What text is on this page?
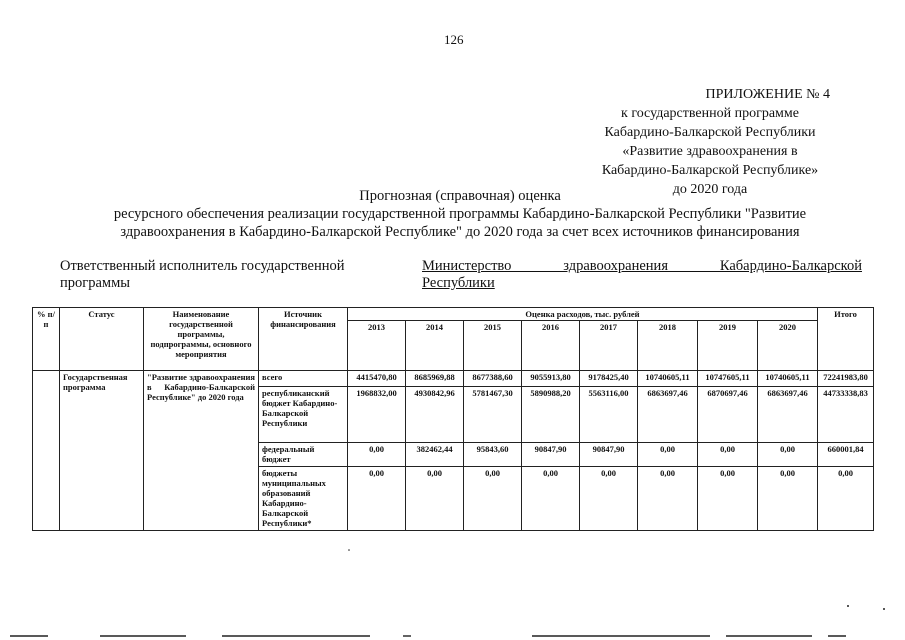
126
ПРИЛОЖЕНИЕ № 4
к государственной программе
Кабардино-Балкарской Республики
«Развитие здравоохранения в
Кабардино-Балкарской Республике»
до 2020 года
Прогнозная (справочная) оценка
ресурсного обеспечения реализации государственной программы Кабардино-Балкарской Республики "Развитие
здравоохранения в Кабардино-Балкарской Республике" до 2020 года за счет всех источников финансирования
Ответственный исполнитель государственной
программы
Министерство здравоохранения Кабардино-Балкарской
Республики
% п/п	Статус	Наименование государственной программы, подпрограммы, основного мероприятия	Источник финансирования	Оценка расходов, тыс. рублей								Итого
				2013	2014	2015	2016	2017	2018	2019	2020	
	Государственная программа	"Развитие здравоохранения в Кабардино-Балкарской Республике" до 2020 года	всего	4415470,80	8685969,88	8677388,60	9055913,80	9178425,40	10740605,11	10747605,11	10740605,11	72241983,80
			республиканский бюджет Кабардино-Балкарской Республики	1968832,00	4930842,96	5781467,30	5890988,20	5563116,00	6863697,46	6870697,46	6863697,46	44733338,83
			федеральный бюджет	0,00	382462,44	95843,60	90847,90	90847,90	0,00	0,00	0,00	660001,84
			бюджеты муниципальных образований Кабардино-Балкарской Республики*	0,00	0,00	0,00	0,00	0,00	0,00	0,00	0,00	0,00
